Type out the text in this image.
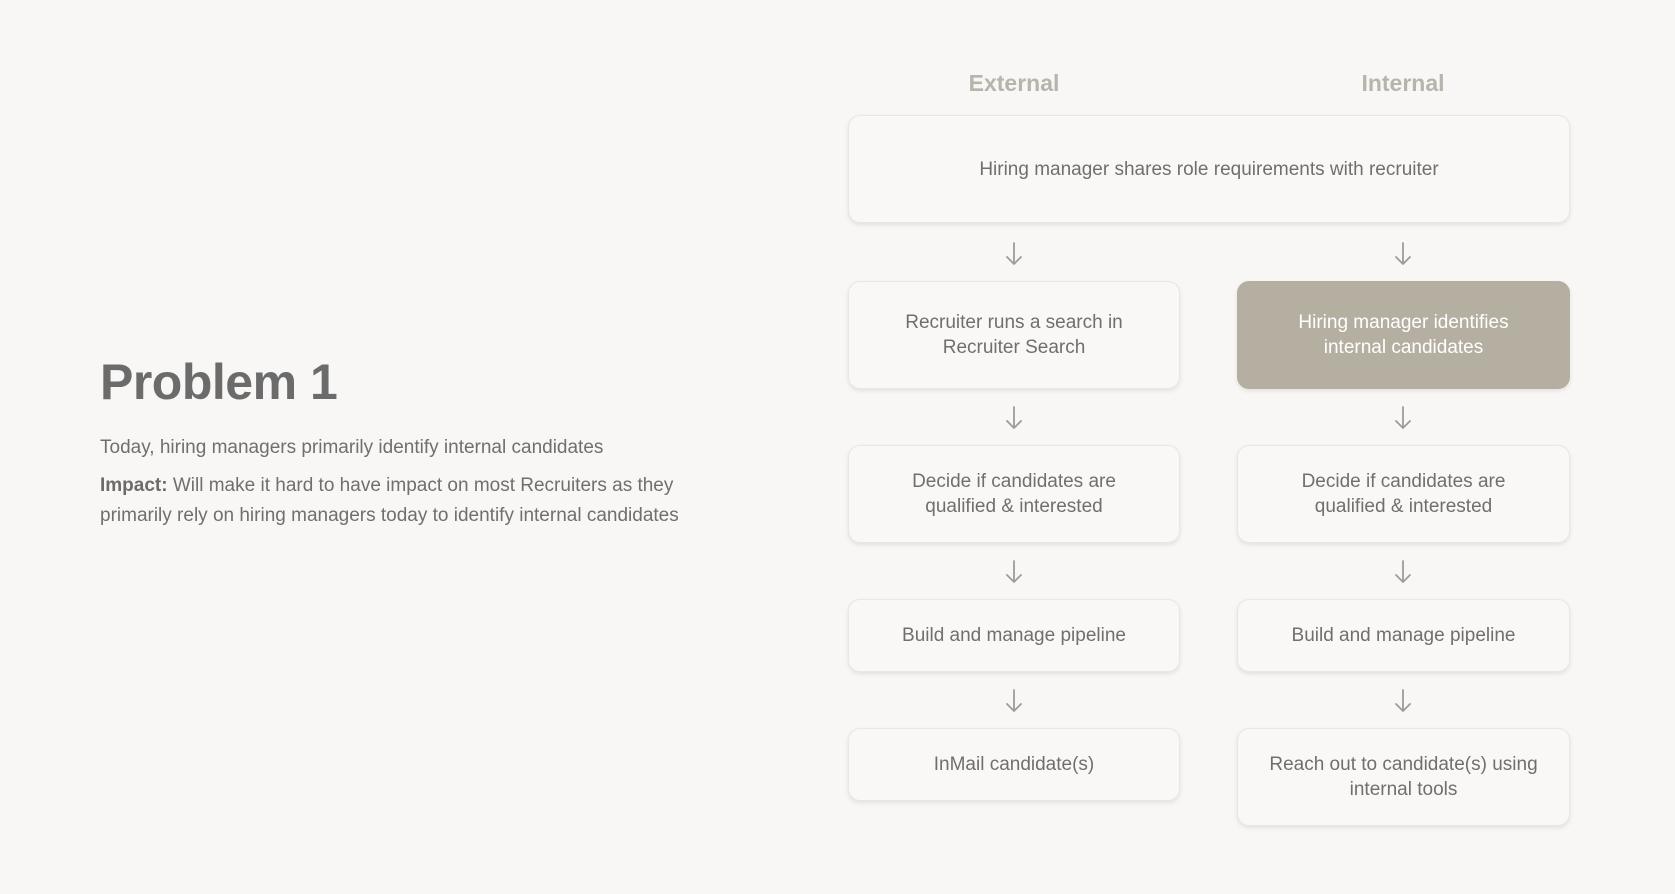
Problem 1

Today, hiring managers primarily identify internal candidates

Impact: Will make it hard to have impact on most Recruiters as they primarily rely on hiring managers today to identify internal candidates

External	Internal
Hiring manager shares role requirements with recruiter
Recruiter runs a search in Recruiter Search
Decide if candidates are qualified & interested
Build and manage pipeline
InMail candidate(s)
Hiring manager identifies internal candidates
Decide if candidates are qualified & interested
Build and manage pipeline
Reach out to candidate(s) using internal tools
